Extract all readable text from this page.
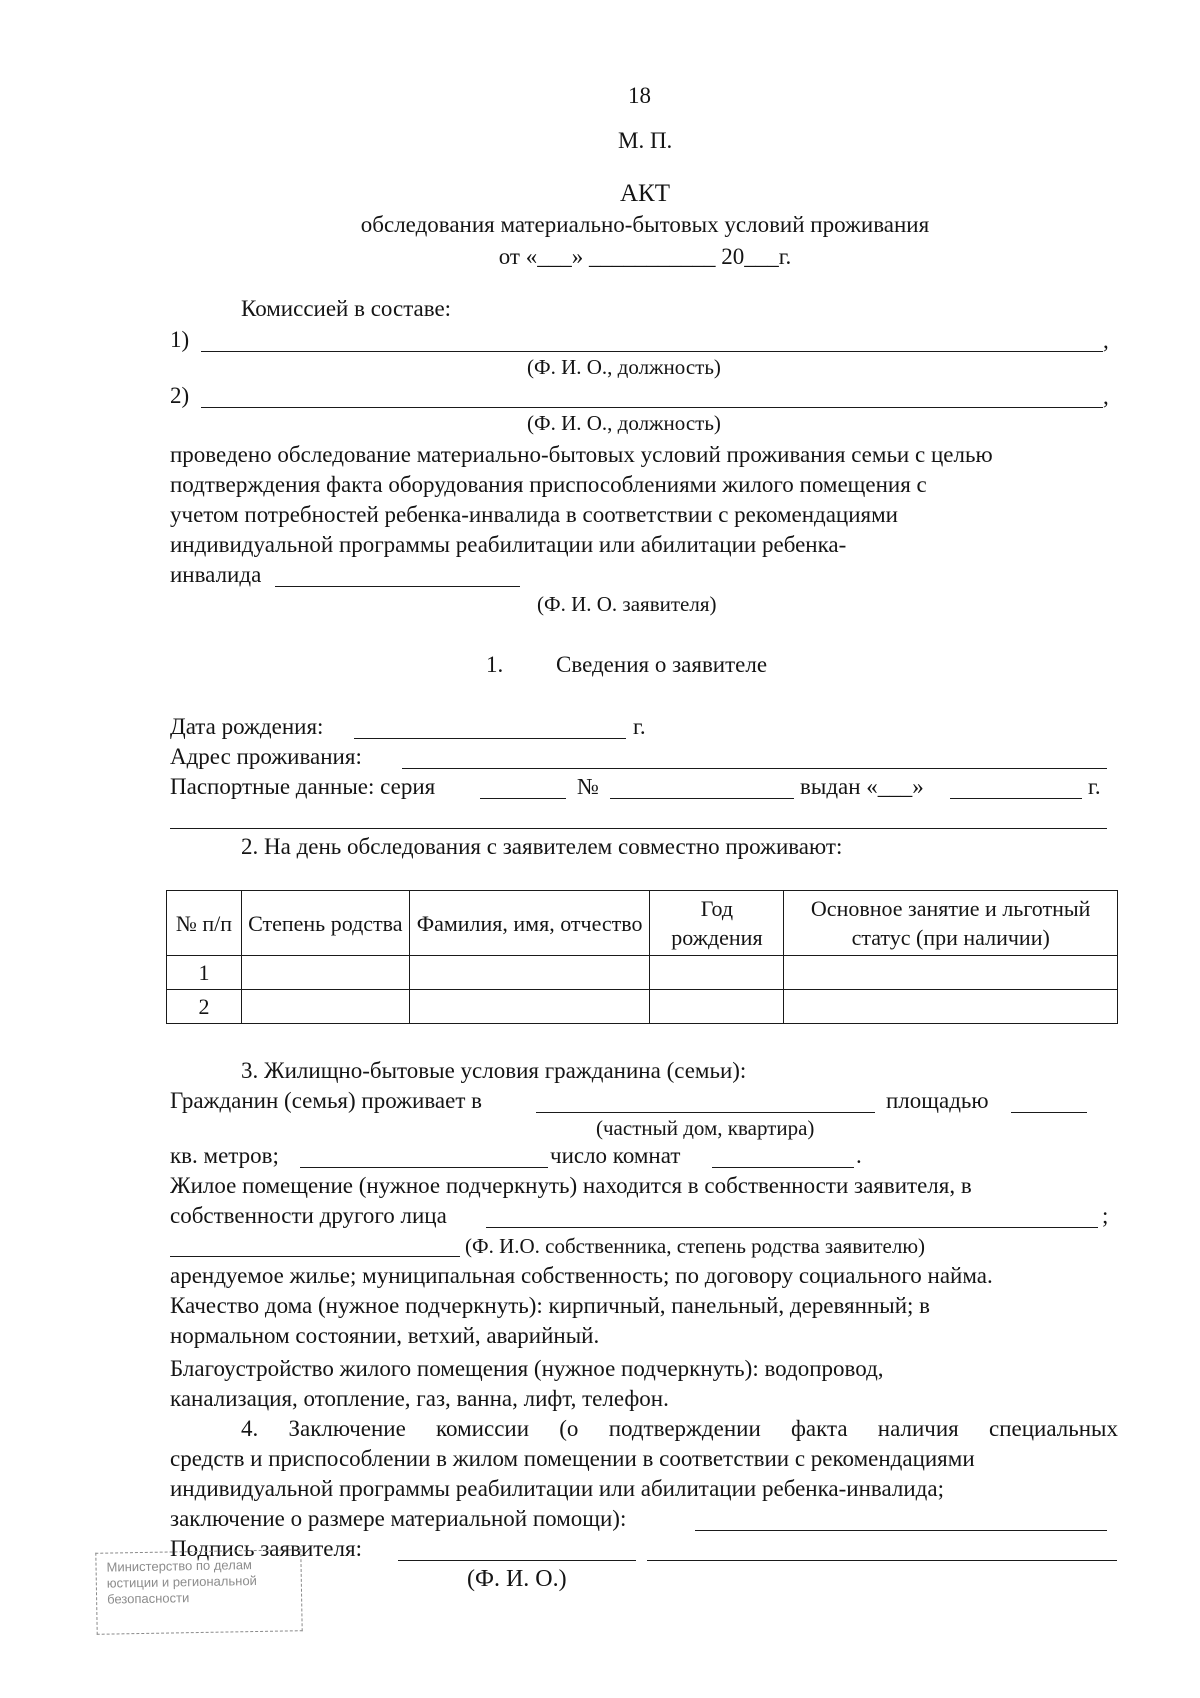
18
М. П.
АКТ
обследования материально-бытовых условий проживания
от «___» ___________ 20___г.
Комиссией в составе:
1)	,
(Ф. И. О., должность)
2)	,
(Ф. И. О., должность)
проведено обследование материально-бытовых условий проживания семьи с целью
подтверждения факта оборудования приспособлениями жилого помещения с
учетом потребностей ребенка-инвалида в соответствии с рекомендациями
индивидуальной программы реабилитации или абилитации ребенка-
инвалида
(Ф. И. О. заявителя)
1. Сведения о заявителе
Дата рождения:	г.
Адрес проживания:
Паспортные данные: серия	№	выдан «___»	г.
2. На день обследования с заявителем совместно проживают:
№ п/п	Степень родства	Фамилия, имя, отчество	Год рождения	Основное занятие и льготный статус (при наличии)
1				
2				
3. Жилищно-бытовые условия гражданина (семьи):
Гражданин (семья) проживает в	площадью
(частный дом, квартира)
кв. метров;	число комнат	.
Жилое помещение (нужное подчеркнуть) находится в собственности заявителя, в
собственности другого лица	;
(Ф. И.О. собственника, степень родства заявителю)
арендуемое жилье; муниципальная собственность; по договору социального найма.
Качество дома (нужное подчеркнуть): кирпичный, панельный, деревянный; в
нормальном состоянии, ветхий, аварийный.
Благоустройство жилого помещения (нужное подчеркнуть): водопровод,
канализация, отопление, газ, ванна, лифт, телефон.
4. Заключение комиссии (о подтверждении факта наличия специальных
средств и приспособлении в жилом помещении в соответствии с рекомендациями
индивидуальной программы реабилитации или абилитации ребенка-инвалида;
заключение о размере материальной помощи):
Подпись заявителя:
(Ф. И. О.)
Министерство по делам
юстиции и региональной
безопасности
